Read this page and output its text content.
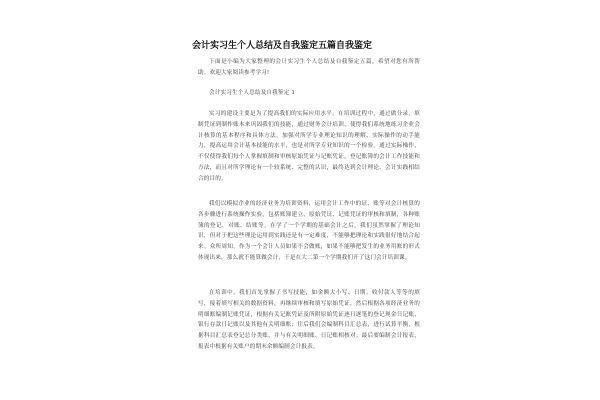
会计实习生个人总结及自我鉴定五篇自我鉴定
下面是小编为大家整理的会计实习生个人总结及自我鉴定五篇，希望对您有所帮助。欢迎大家阅读参考学习!
会计实习生个人总结及自我鉴定 1
实习的建设主要是为了提高我们的实际应用水平。在培训过程中，通过做分录，填制凭证到制作账本来巩固我们的技能，通过财务会计培训，使得我们系统地练习企业会计核算的基本程序和具体方法，加强对所学专业理论知识的理解、实际操作的动手能力，提高运用会计基本技能的水平，也是对所学专业知识的一个检验。通过实际操作，不仅使得我们每个人掌握填制和审核原始凭证与记账凭证，登记账簿的会计工作技能和方法，而且对所学理论有一个较系统、完整的认识，最终达到会计理论、会计实践相结合的目的。
我们以模拟企业的经济业务为培训资料，运用会计工作中的证、账等对会计核算的各步骤进行系统操作实验，包括账簿建立、原始凭证、记账凭证的审核和填制，各种账簿的登记，对账、结账等，在学了一个学期的基础会计之后，我们虽然掌握了理论知识，但对于把这些理论运用到实践还是有一定难度，不能够把理论和实践很好地结合起来。众所周知，作为一个会计人员如果不会做账，如果不能够把发生的业务用账的形式体现出来，那么就不能算做会计，于是在大二第一个学期我们开了这门会计培训课。
在培训中，我们首先掌握了书写技能，如金额大小写、日期、收付款人等等的填写，接着填写相关的数据资料，再继续审核和填写原始凭证，然后根据各项经济业务的明细账编制记账凭证，根据有关记账凭证及所附原始凭证逐日逐笔的登记现金日记账、银行存款日记账以及其他有关明细账；往后我们会编制科目汇总表，进行试算平衡，根据科目汇总表登记总分类账，并与有关明细账、日记账相核对；最后要编制会计报表，报表中根据有关账户的期末余额编制会计报表。
